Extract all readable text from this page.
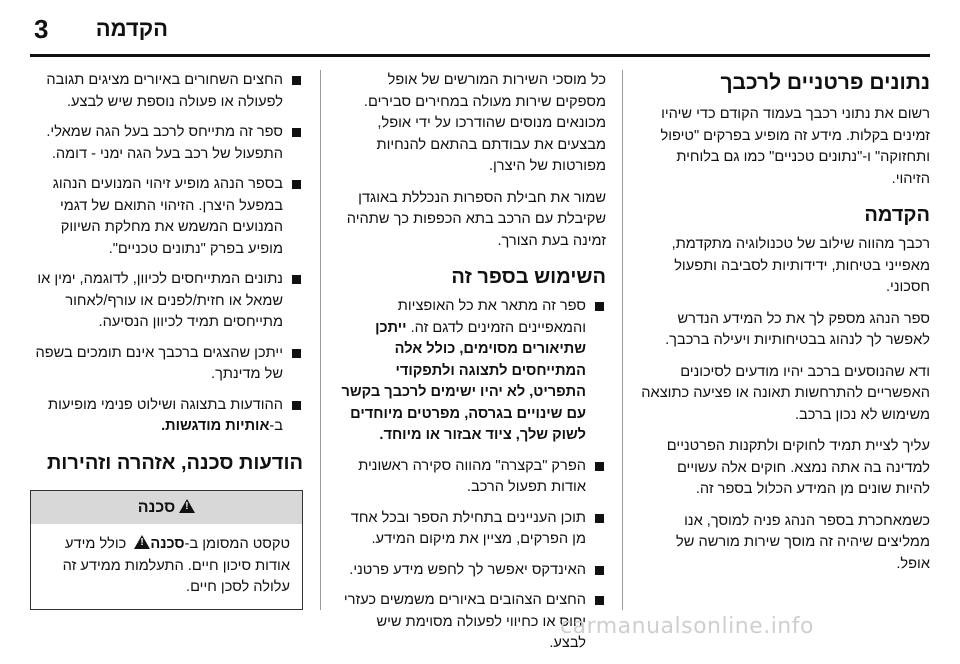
3	הקדמה
נתונים פרטניים לרכבך

רשום את נתוני רכבך בעמוד הקודם כדי שיהיו זמינים בקלות. מידע זה מופיע בפרקים "טיפול ותחזוקה" ו-"נתונים טכניים" כמו גם בלוחית הזיהוי.

הקדמה

רכבך מהווה שילוב של טכנולוגיה מתקדמת, מאפייני בטיחות, ידידותיות לסביבה ותפעול חסכוני.

ספר הנהג מספק לך את כל המידע הנדרש לאפשר לך לנהוג בבטיחותיות ויעילה ברכבך.

ודא שהנוסעים ברכב יהיו מודעים לסיכונים האפשריים להתרחשות תאונה או פציעה כתוצאה משימוש לא נכון ברכב.

עליך לציית תמיד לחוקים ולתקנות הפרטניים למדינה בה אתה נמצא. חוקים אלה עשויים להיות שונים מן המידע הכלול בספר זה.

כשמאחכרת בספר הנהג פניה למוסך, אנו ממליצים שיהיה זה מוסך שירות מורשה של אופל.

כל מוסכי השירות המורשים של אופל מספקים שירות מעולה במחירים סבירים. מכונאים מנוסים שהודרכו על ידי אופל, מבצעים את עבודתם בהתאם להנחיות מפורטות של היצרן.

שמור את חבילת הספרות הנכללת באוגדן שקיבלת עם הרכב בתא הכפפות כך שתהיה זמינה בעת הצורך.

השימוש בספר זה
ספר זה מתאר את כל האופציות והמאפיינים הזמינים לדגם זה. ייתכן שתיאורים מסוימים, כולל אלה המתייחסים לתצוגה ולתפקודי התפריט, לא יהיו ישימים לרכבך בקשר עם שינויים בגרסה, מפרטים מיוחדים לשוק שלך, ציוד אבזור או מיוחד.
הפרק "בקצרה" מהווה סקירה ראשונית אודות תפעול הרכב.
תוכן העניינים בתחילת הספר ובכל אחד מן הפרקים, מציין את מיקום המידע.
האינדקס יאפשר לך לחפש מידע פרטני.
החצים הצהובים באיורים משמשים כעזרי יחוס או כחיווי לפעולה מסוימת שיש לבצע.
החצים השחורים באיורים מציגים תגובה לפעולה או פעולה נוספת שיש לבצע.
ספר זה מתייחס לרכב בעל הגה שמאלי. התפעול של רכב בעל הגה ימני - דומה.
בספר הנהג מופיע זיהוי המנועים הנהוג במפעל היצרן. הזיהוי התואם של דגמי המנועים המשמש את מחלקת השיווק מופיע בפרק "נתונים טכניים".
נתונים המתייחסים לכיוון, לדוגמה, ימין או שמאל או חזית/לפנים או עורף/לאחור מתייחסים תמיד לכיוון הנסיעה.
ייתכן שהצגים ברכבך אינם תומכים בשפה של מדינתך.
ההודעות בתצוגה ושילוט פנימי מופיעות ב-אותיות מודגשות.
הודעות סכנה, אזהרה וזהירות
!סכנה
טקסט המסומן ב-סכנה! כולל מידע אודות סיכון חיים. התעלמות ממידע זה עלולה לסכן חיים.
carmanualsonline.info
